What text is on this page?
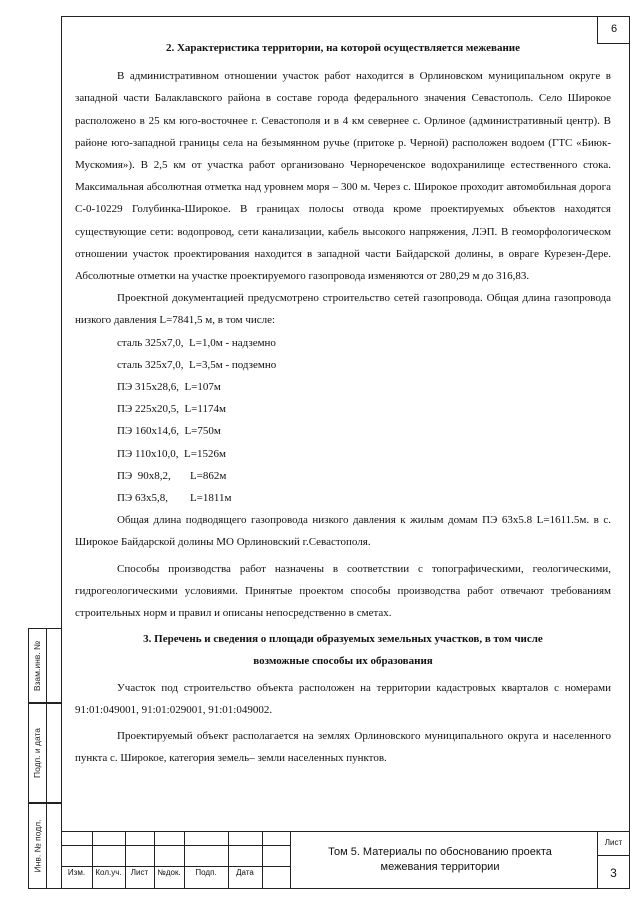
6
Взам.инв. №
Подп. и дата
Инв. № подл.
2. Характеристика территории, на которой осуществляется межевание
В административном отношении участок работ находится в Орлиновском муниципальном округе в западной части Балаклавского района в составе города федерального значения Севастополь. Село Широкое расположено в 25 км юго-восточнее г. Севастополя и в 4 км севернее с. Орлиное (административный центр). В районе юго-западной границы села на безымянном ручье (притоке р. Черной) расположен водоем (ГТС «Биюк-Мускомия»). В 2,5 км от участка работ организовано Чернореченское водохранилище естественного стока. Максимальная абсолютная отметка над уровнем моря – 300 м. Через с. Широкое проходит автомобильная дорога С-0-10229 Голубинка-Широкое. В границах полосы отвода кроме проектируемых объектов находятся существующие сети: водопровод, сети канализации, кабель высокого напряжения, ЛЭП. В геоморфологическом отношении участок проектирования находится в западной части Байдарской долины, в овраге Курезен-Дере. Абсолютные отметки на участке проектируемого газопровода изменяются от 280,29 м до 316,83.
Проектной документацией предусмотрено строительство сетей газопровода. Общая длина газопровода низкого давления L=7841,5 м, в том числе:
сталь 325х7,0,  L=1,0м - надземно
сталь 325х7,0,  L=3,5м - подземно
ПЭ 315х28,6,  L=107м
ПЭ 225х20,5,  L=1174м
ПЭ 160х14,6,  L=750м
ПЭ 110х10,0,  L=1526м
ПЭ  90х8,2,       L=862м
ПЭ 63х5,8,        L=1811м
Общая длина подводящего газопровода низкого давления к жилым домам ПЭ 63х5.8 L=1611.5м. в с. Широкое Байдарской долины МО Орлиновский г.Севастополя.
Способы производства работ назначены в соответствии с топографическими, геологическими, гидрогеологическими условиями. Принятые проектом способы производства работ отвечают требованиям строительных норм и правил и описаны непосредственно в сметах.
3. Перечень и сведения о площади образуемых земельных участков, в том числе
возможные способы их образования
Участок под строительство объекта расположен на территории кадастровых кварталов с номерами 91:01:049001, 91:01:029001, 91:01:049002.
Проектируемый объект располагается на землях Орлиновского муниципального округа и населенного пункта с. Широкое, категория земель– земли населенных пунктов.
Изм.	Кол.уч.	Лист	№док.	Подп.	Дата
Том 5. Материалы по обоснованию проекта
межевания территории
Лист
3
